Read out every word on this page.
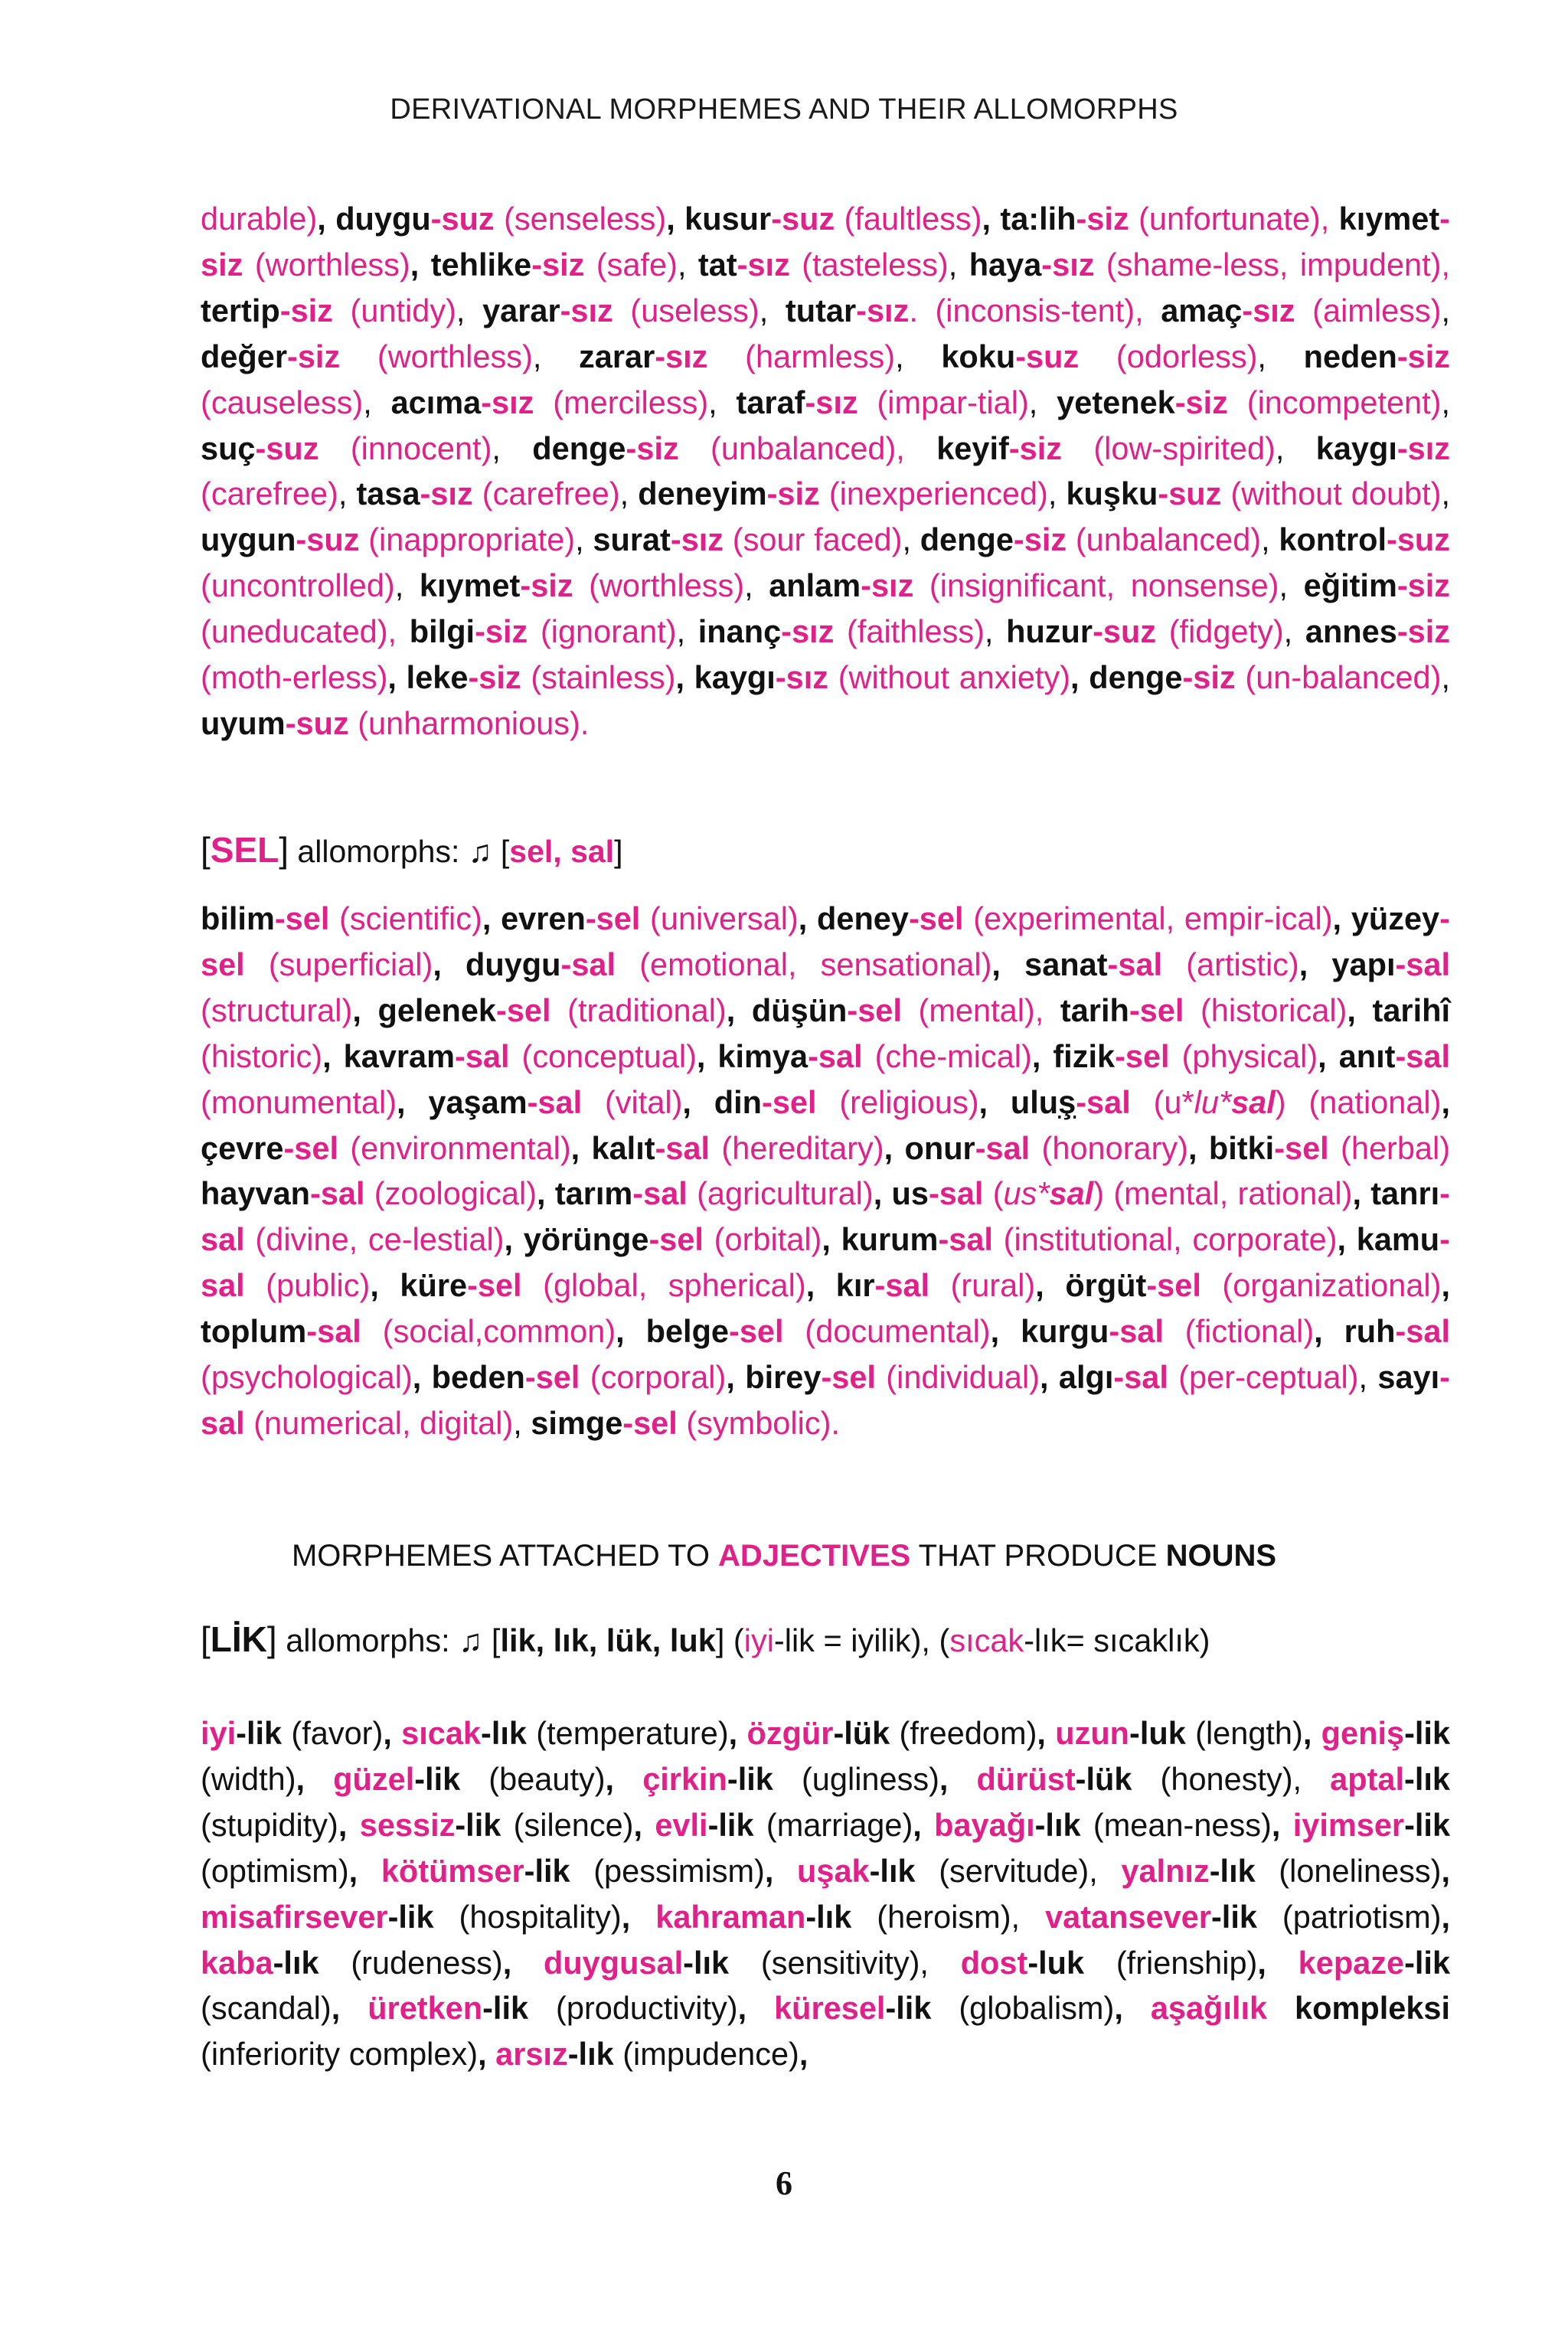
DERIVATIONAL MORPHEMES AND THEIR ALLOMORPHS
durable), duygu-suz (senseless), kusur-suz (faultless), ta:lih-siz (unfortunate), kıymet-siz (worthless), tehlike-siz (safe), tat-sız (tasteless), haya-sız (shame-less, impudent), tertip-siz (untidy), yarar-sız (useless), tutar-sız. (inconsis-tent), amaç-sız (aimless), değer-siz (worthless), zarar-sız (harmless), koku-suz (odorless), neden-siz (causeless), acıma-sız (merciless), taraf-sız (impar-tial), yetenek-siz (incompetent), suç-suz (innocent), denge-siz (unbalanced), keyif-siz (low-spirited), kaygı-sız (carefree), tasa-sız (carefree), deneyim-siz (inexperienced), kuşku-suz (without doubt), uygun-suz (inappropriate), surat-sız (sour faced), denge-siz (unbalanced), kontrol-suz (uncontrolled), kıymet-siz (worthless), anlam-sız (insignificant, nonsense), eğitim-siz (uneducated), bilgi-siz (ignorant), inanç-sız (faithless), huzur-suz (fidgety), annes-siz (moth-erless), leke-siz (stainless), kaygı-sız (without anxiety), denge-siz (un-balanced), uyum-suz (unharmonious).
[SEL] allomorphs: ♫ [sel, sal]
bilim-sel (scientific), evren-sel (universal), deney-sel (experimental, empir-ical), yüzey-sel (superficial), duygu-sal (emotional, sensational), sanat-sal (artistic), yapı-sal (structural), gelenek-sel (traditional), düşün-sel (mental), tarih-sel (historical), tarihî (historic), kavram-sal (conceptual), kimya-sal (che-mical), fizik-sel (physical), anıt-sal (monumental), yaşam-sal (vital), din-sel (religious), uluş-sal (u*lu*sal) (national), çevre-sel (environmental), kalıt-sal (hereditary), onur-sal (honorary), bitki-sel (herbal) hayvan-sal (zoological), tarım-sal (agricultural), us-sal (us*sal) (mental, rational), tanrı-sal (divine, ce-lestial), yörünge-sel (orbital), kurum-sal (institutional, corporate), kamu-sal (public), küre-sel (global, spherical), kır-sal (rural), örgüt-sel (organizational), toplum-sal (social,common), belge-sel (documental), kurgu-sal (fictional), ruh-sal (psychological), beden-sel (corporal), birey-sel (individual), algı-sal (per-ceptual), sayı-sal (numerical, digital), simge-sel (symbolic).
MORPHEMES ATTACHED TO ADJECTIVES THAT PRODUCE NOUNS
[LİK] allomorphs: ♫ [lik, lık, lük, luk] (iyi-lik = iyilik), (sıcak-lık= sıcaklık)
iyi-lik (favor), sıcak-lık (temperature), özgür-lük (freedom), uzun-luk (length), geniş-lik (width), güzel-lik (beauty), çirkin-lik (ugliness), dürüst-lük (honesty), aptal-lık (stupidity), sessiz-lik (silence), evli-lik (marriage), bayağı-lık (mean-ness), iyimser-lik (optimism), kötümser-lik (pessimism), uşak-lık (servitude), yalnız-lık (loneliness), misafirsever-lik (hospitality), kahraman-lık (heroism), vatansever-lik (patriotism), kaba-lık (rudeness), duygusal-lık (sensitivity), dost-luk (frienship), kepaze-lik (scandal), üretken-lik (productivity), küresel-lik (globalism), aşağılık kompleksi (inferiority complex), arsız-lık (impudence),
6
